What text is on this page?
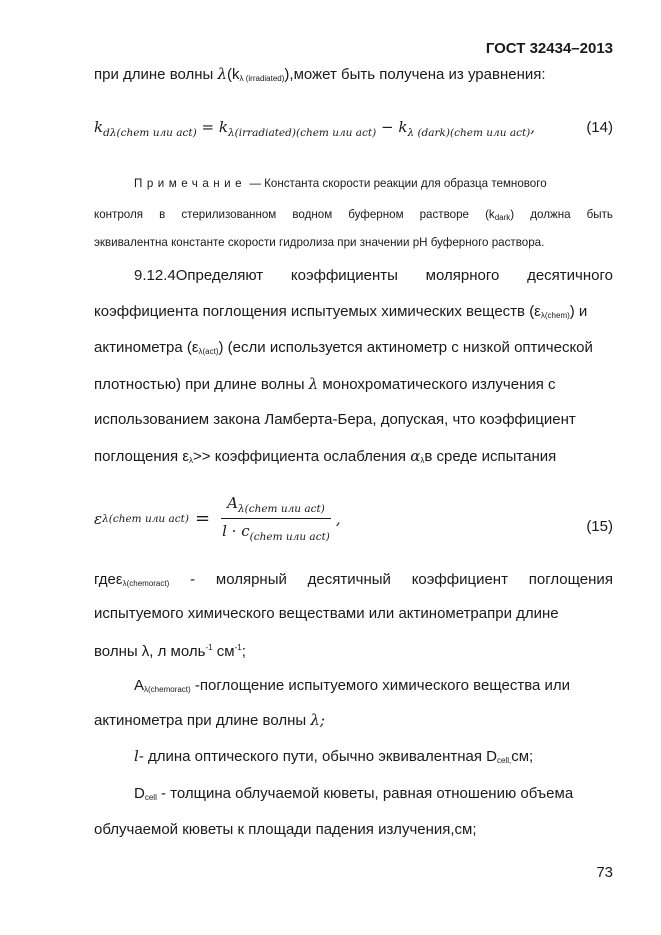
ГОСТ 32434–2013
при длине волны $\lambda(k_{\lambda (irradiated)}),может$ быть получена из уравнения:
$k_{d\lambda(chem или act)} = k_{\lambda(irradiated)(chem или act)} - k_{\lambda (dark)(chem или act)}$,	(14)
Примечание — Константа скорости реакции для образца темнового
контроля в стерилизованном водном буферном растворе $(k_{dark})$ должна быть
эквивалентна константе скорости гидролиза при значении pH буферного раствора.
9.12.4Определяют коэффициенты молярного десятичного
коэффициента поглощения испытуемых химических веществ $(\varepsilon_{\lambda(chem)})$ и
актинометра $(\varepsilon_{\lambda(act)})$ (если используется актинометр с низкой оптической
плотностью) при длине волны λ монохроматического излучения с
использованием закона Ламберта-Бера, допуская, что коэффициент
поглощения $\varepsilon_\lambda>>$ коэффициента ослабления $\alpha_\lambda в$ среде испытания
ε λ(chem или $act) = \frac{A_{\lambda(chem или act)}}{l \cdot c_{(chem или act)}}$ ,	(15)
гдеε$_{\lambda(chemoract)}$ - молярный десятичный коэффициент поглощения
испытуемого химического веществами или актинометрапри длине
волны λ, л моль$^{-1}$ $см^{-1}$;
$A_{\lambda(chemoract)}$ -поглощение испытуемого химического вещества или
актинометра при длине волны λ;
l- длина оптического пути, обычно эквивалентная $D_{cell,}см$;
$D_{cell}$ - толщина облучаемой кюветы, равная отношению объема
облучаемой кюветы к площади падения излучения,см;
73
